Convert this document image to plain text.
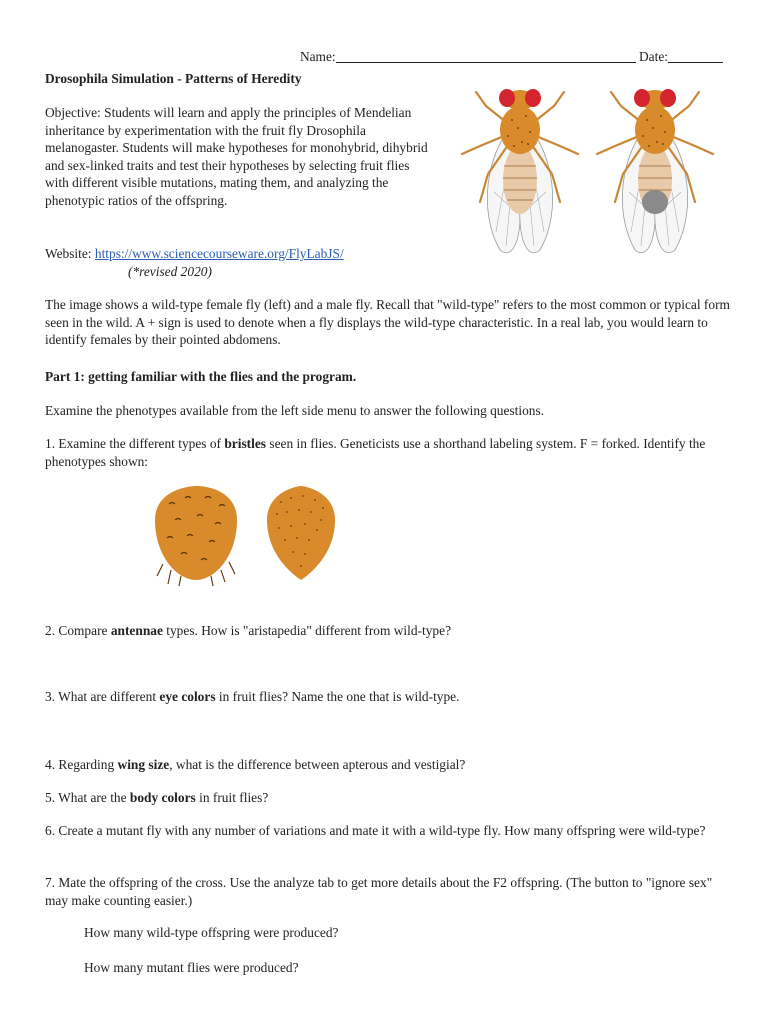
Name:	Date:
Drosophila Simulation - Patterns of Heredity
Objective: Students will learn and apply the principles of Mendelian inheritance by experimentation with the fruit fly Drosophila melanogaster. Students will make hypotheses for monohybrid, dihybrid and sex-linked traits and test their hypotheses by selecting fruit flies with different visible mutations, mating them, and analyzing the phenotypic ratios of the offspring.
Website: https://www.sciencecourseware.org/FlyLabJS/
(*revised 2020)
The image shows a wild-type female fly (left) and a male fly. Recall that "wild-type" refers to the most common or typical form seen in the wild. A + sign is used to denote when a fly displays the wild-type characteristic. In a real lab, you would learn to identify females by their pointed abdomens.
Part 1: getting familiar with the flies and the program.
Examine the phenotypes available from the left side menu to answer the following questions.
1. Examine the different types of bristles seen in flies. Geneticists use a shorthand labeling system. F = forked. Identify the phenotypes shown:
2. Compare antennae types. How is "aristapedia" different from wild-type?
3. What are different eye colors in fruit flies? Name the one that is wild-type.
4. Regarding wing size, what is the difference between apterous and vestigial?
5. What are the body colors in fruit flies?
6. Create a mutant fly with any number of variations and mate it with a wild-type fly. How many offspring were wild-type?
7. Mate the offspring of the cross. Use the analyze tab to get more details about the F2 offspring. (The button to "ignore sex" may make counting easier.)
How many wild-type offspring were produced?
How many mutant flies were produced?
